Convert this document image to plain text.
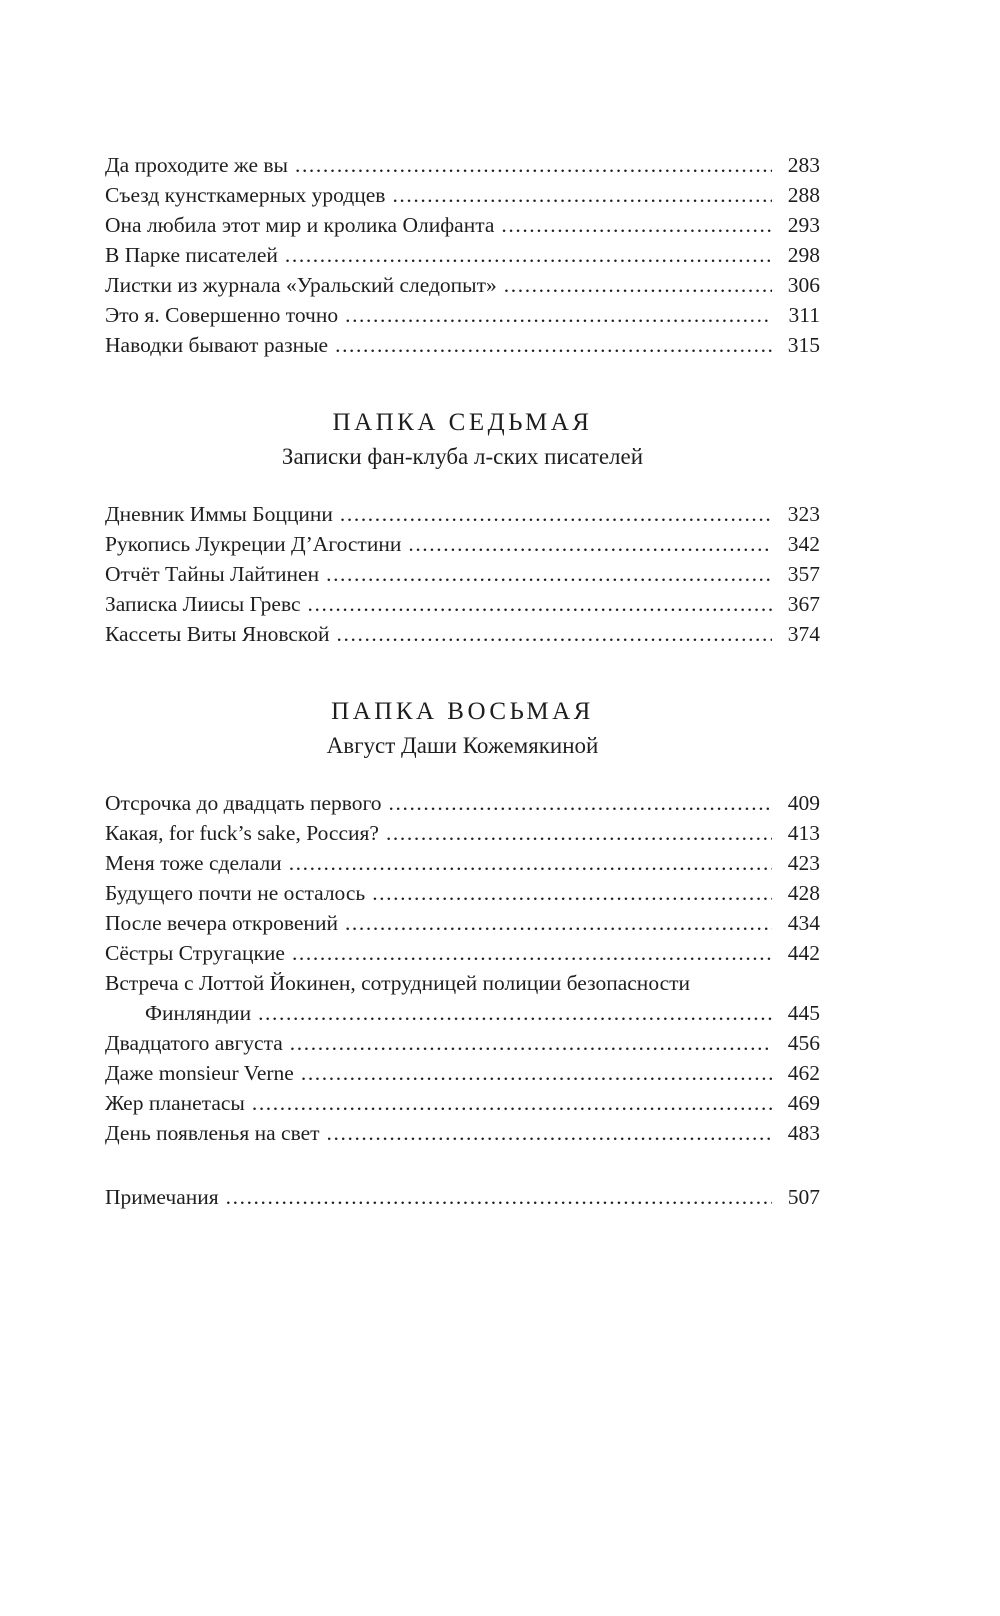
Да проходите же вы .....	283
Съезд кунсткамерных уродцев .....	288
Она любила этот мир и кролика Олифанта .....	293
В Парке писателей .....	298
Листки из журнала «Уральский следопыт» .....	306
Это я. Совершенно точно .....	311
Наводки бывают разные .....	315
ПАПКА СЕДЬМАЯ
Записки фан-клуба л-ских писателей
Дневник Иммы Боццини .....	323
Рукопись Лукреции Д’Агостини .....	342
Отчёт Тайны Лайтинен .....	357
Записка Лиисы Гревс .....	367
Кассеты Виты Яновской .....	374
ПАПКА ВОСЬМАЯ
Август Даши Кожемякиной
Отсрочка до двадцать первого .....	409
Какая, for fuck’s sake, Россия? .....	413
Меня тоже сделали .....	423
Будущего почти не осталось .....	428
После вечера откровений .....	434
Сёстры Стругацкие .....	442
Встреча с Лоттой Йокинен, сотрудницей полиции безопасности
Финляндии .....	445
Двадцатого августа .....	456
Даже monsieur Verne .....	462
Жер планетасы .....	469
День появленья на свет .....	483
Примечания .....	507
